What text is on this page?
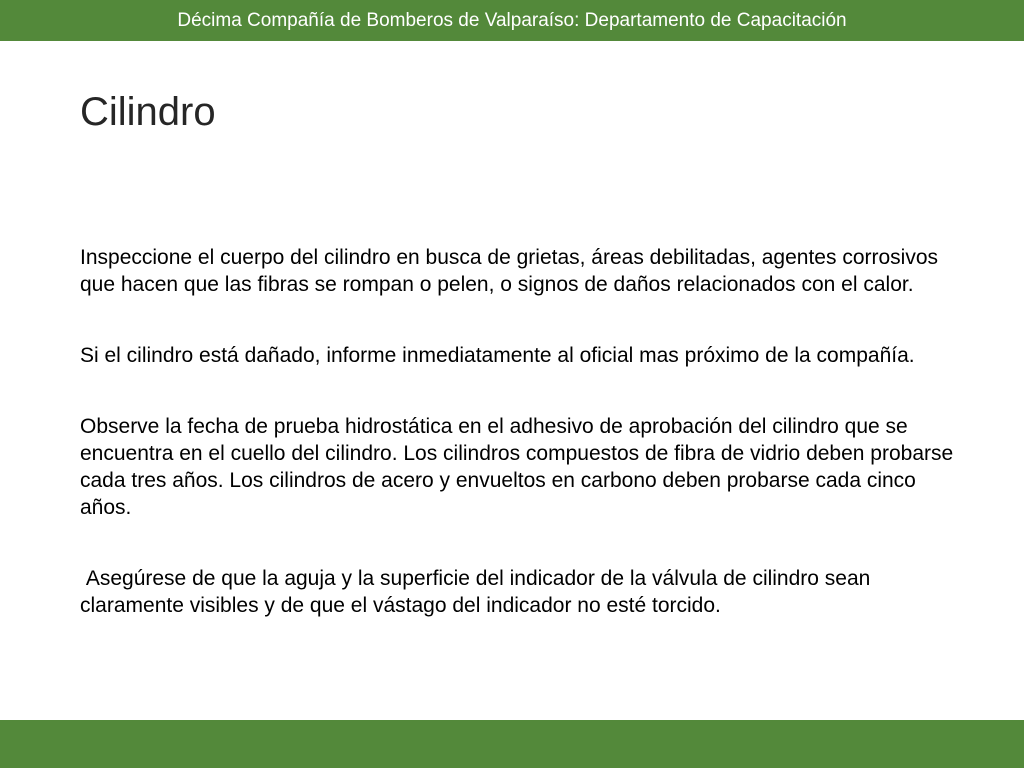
Décima Compañía de Bomberos de Valparaíso: Departamento de Capacitación
Cilindro

Inspeccione el cuerpo del cilindro en busca de grietas, áreas debilitadas, agentes corrosivos que hacen que las fibras se rompan o pelen, o signos de daños relacionados con el calor.

Si el cilindro está dañado, informe inmediatamente al oficial mas próximo de la compañía.

Observe la fecha de prueba hidrostática en el adhesivo de aprobación del cilindro que se encuentra en el cuello del cilindro. Los cilindros compuestos de fibra de vidrio deben probarse cada tres años. Los cilindros de acero y envueltos en carbono deben probarse cada cinco años.

Asegúrese de que la aguja y la superficie del indicador de la válvula de cilindro sean claramente visibles y de que el vástago del indicador no esté torcido.
